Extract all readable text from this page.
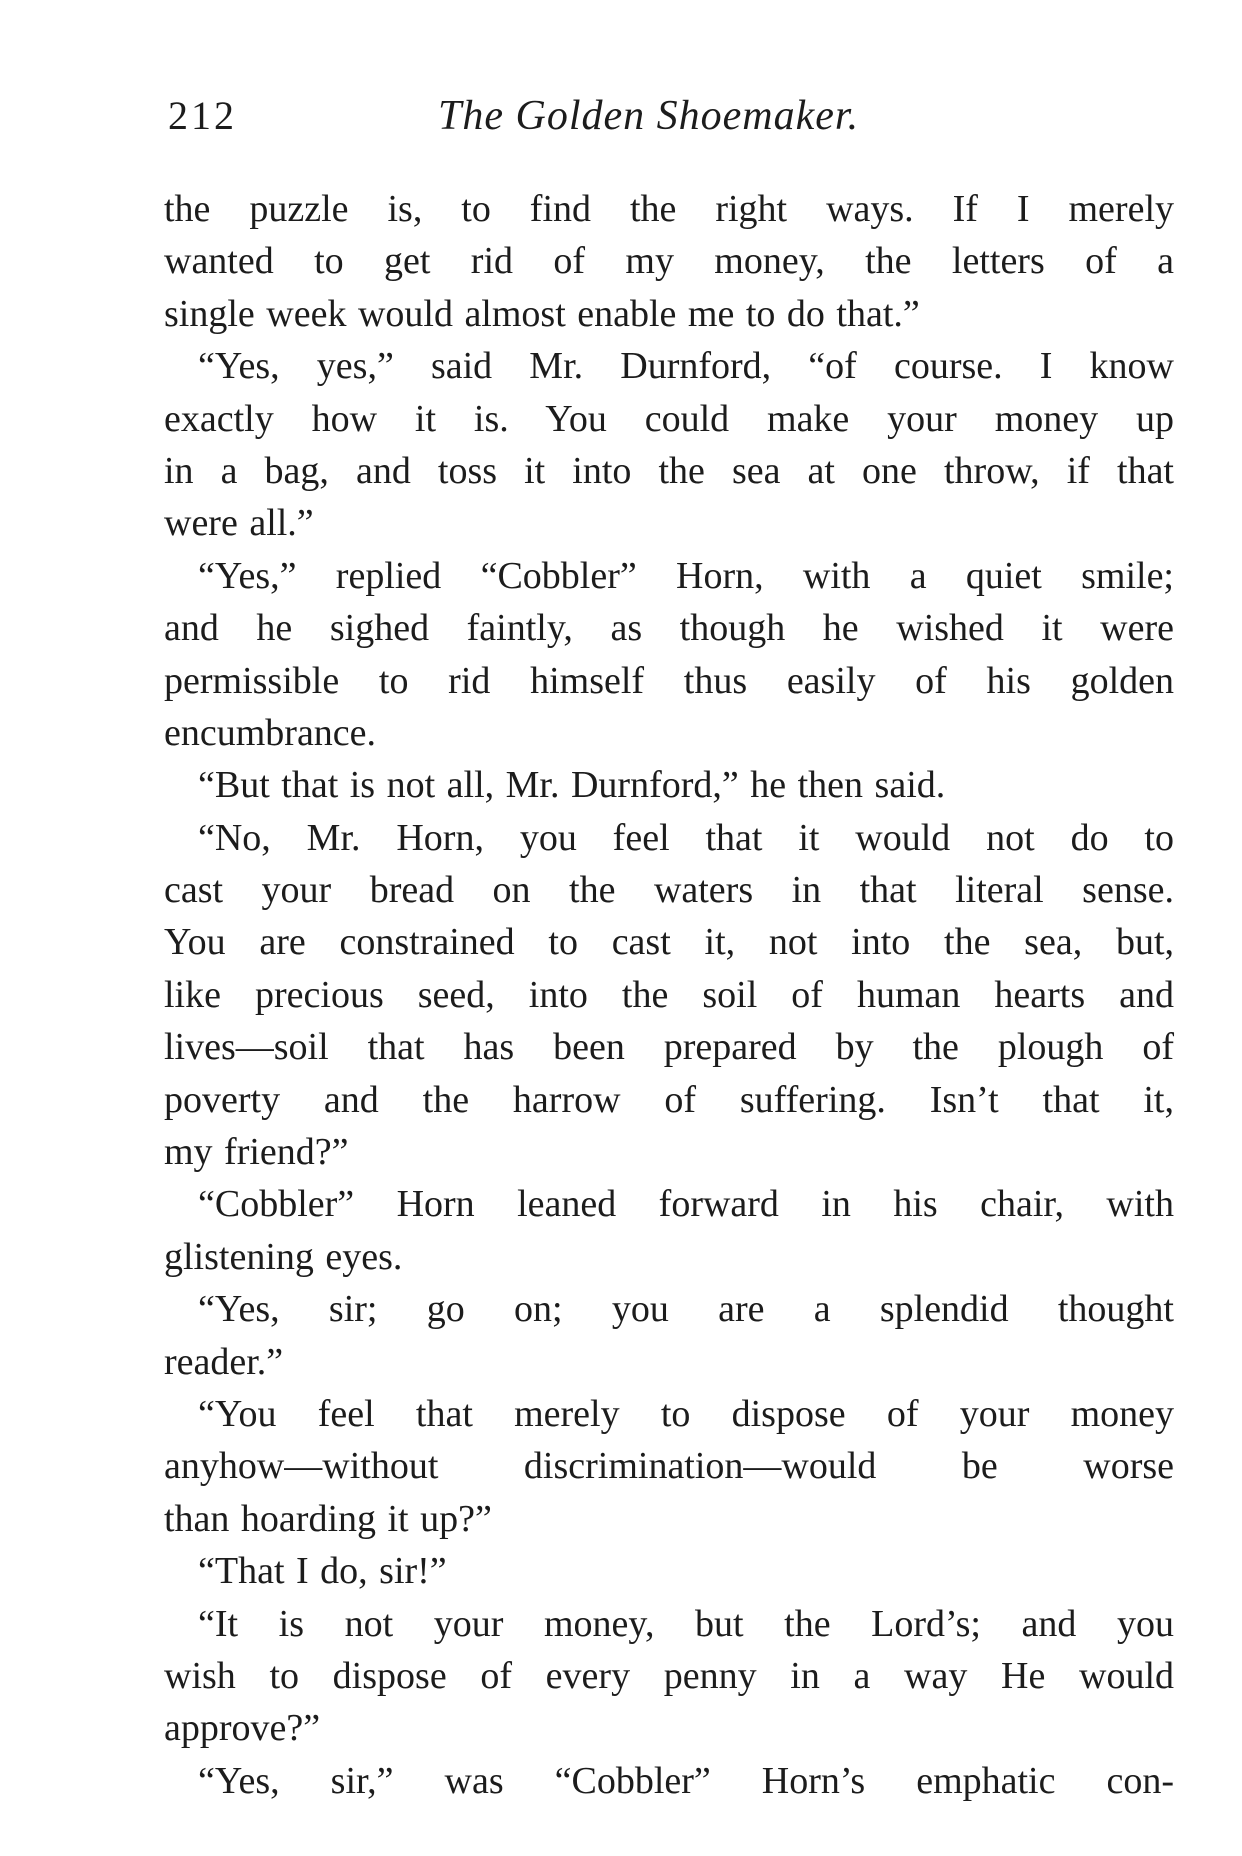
212	The Golden Shoemaker.
the puzzle is, to find the right ways. If I merely
wanted to get rid of my money, the letters of a
single week would almost enable me to do that.”
“Yes, yes,” said Mr. Durnford, “of course. I know
exactly how it is. You could make your money up
in a bag, and toss it into the sea at one throw, if that
were all.”
“Yes,” replied “Cobbler” Horn, with a quiet smile;
and he sighed faintly, as though he wished it were
permissible to rid himself thus easily of his golden
encumbrance.
“But that is not all, Mr. Durnford,” he then said.
“No, Mr. Horn, you feel that it would not do to
cast your bread on the waters in that literal sense.
You are constrained to cast it, not into the sea, but,
like precious seed, into the soil of human hearts and
lives—soil that has been prepared by the plough of
poverty and the harrow of suffering. Isn’t that it,
my friend?”
“Cobbler” Horn leaned forward in his chair, with
glistening eyes.
“Yes, sir; go on; you are a splendid thought
reader.”
“You feel that merely to dispose of your money
anyhow—without discrimination—would be worse
than hoarding it up?”
“That I do, sir!”
“It is not your money, but the Lord’s; and you
wish to dispose of every penny in a way He would
approve?”
“Yes, sir,” was “Cobbler” Horn’s emphatic con-
